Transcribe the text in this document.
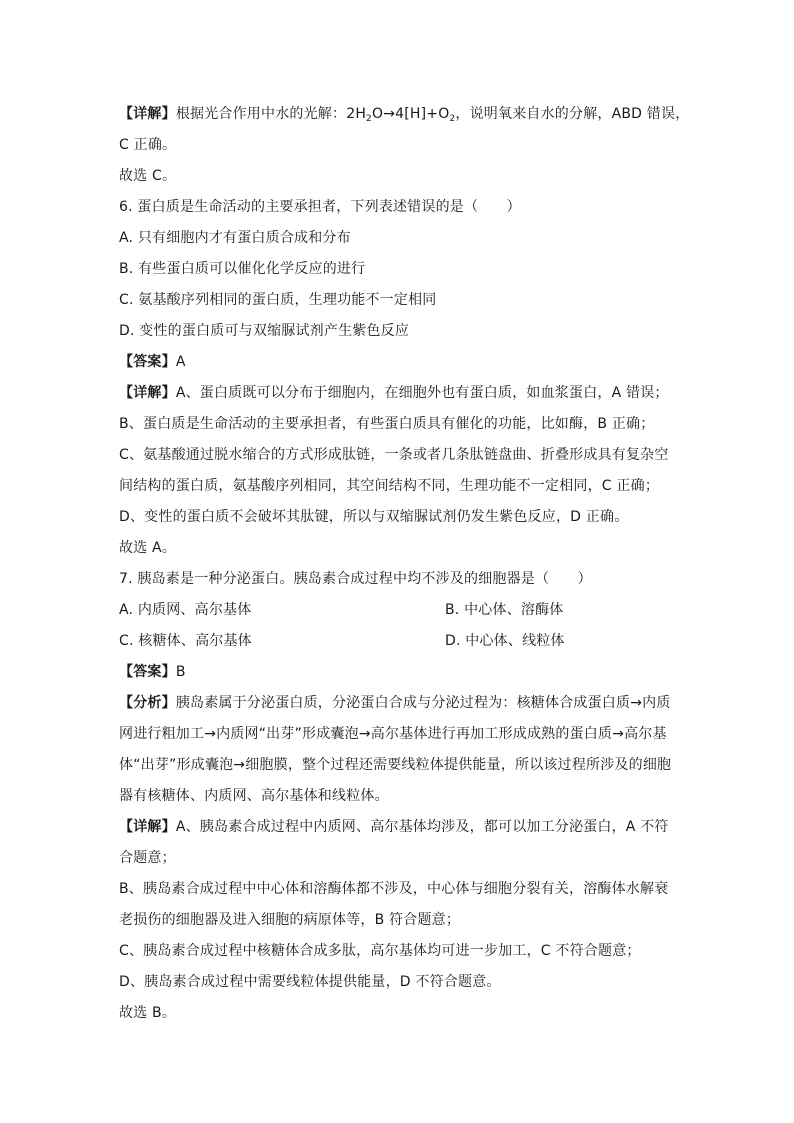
【详解】根据光合作用中水的光解：$2H_2O\to 4[H]+O_2$，说明氧来自水的分解，ABD 错误，
C 正确。
故选 C。
6. 蛋白质是生命活动的主要承担者，下列表述错误的是（　　）
A. 只有细胞内才有蛋白质合成和分布
B. 有些蛋白质可以催化化学反应的进行
C. 氨基酸序列相同的蛋白质，生理功能不一定相同
D. 变性的蛋白质可与双缩脲试剂产生紫色反应
【答案】A
【详解】A、蛋白质既可以分布于细胞内，在细胞外也有蛋白质，如血浆蛋白，A 错误；
B、蛋白质是生命活动的主要承担者，有些蛋白质具有催化的功能，比如酶，B 正确；
C、氨基酸通过脱水缩合的方式形成肽链，一条或者几条肽链盘曲、折叠形成具有复杂空
间结构的蛋白质，氨基酸序列相同，其空间结构不同，生理功能不一定相同，C 正确；
D、变性的蛋白质不会破坏其肽键，所以与双缩脲试剂仍发生紫色反应，D 正确。
故选 A。
7. 胰岛素是一种分泌蛋白。胰岛素合成过程中均不涉及的细胞器是（　　）
A. 内质网、高尔基体	B. 中心体、溶酶体
C. 核糖体、高尔基体	D. 中心体、线粒体
【答案】B
【分析】胰岛素属于分泌蛋白质，分泌蛋白合成与分泌过程为：核糖体合成蛋白质→内质
网进行粗加工→内质网“出芽”形成囊泡→高尔基体进行再加工形成成熟的蛋白质→高尔基
体“出芽”形成囊泡→细胞膜，整个过程还需要线粒体提供能量，所以该过程所涉及的细胞
器有核糖体、内质网、高尔基体和线粒体。
【详解】A、胰岛素合成过程中内质网、高尔基体均涉及，都可以加工分泌蛋白，A 不符
合题意；
B、胰岛素合成过程中中心体和溶酶体都不涉及，中心体与细胞分裂有关，溶酶体水解衰
老损伤的细胞器及进入细胞的病原体等，B 符合题意；
C、胰岛素合成过程中核糖体合成多肽，高尔基体均可进一步加工，C 不符合题意；
D、胰岛素合成过程中需要线粒体提供能量，D 不符合题意。
故选 B。
